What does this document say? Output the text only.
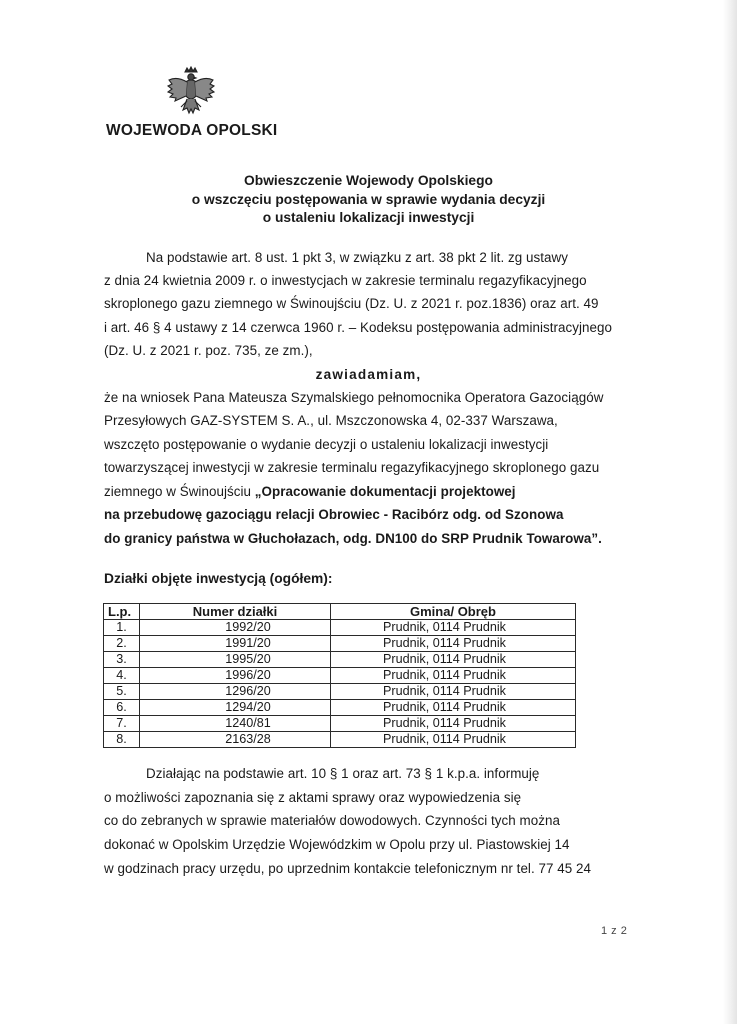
WOJEWODA OPOLSKI
Obwieszczenie Wojewody Opolskiego
o wszczęciu postępowania w sprawie wydania decyzji
o ustaleniu lokalizacji inwestycji
Na podstawie art. 8 ust. 1 pkt 3, w związku z art. 38 pkt 2 lit. zg ustawy
z dnia 24 kwietnia 2009 r. o inwestycjach w zakresie terminalu regazyfikacyjnego
skroplonego gazu ziemnego w Świnoujściu (Dz. U. z 2021 r. poz.1836) oraz art. 49
i art. 46 § 4 ustawy z 14 czerwca 1960 r. – Kodeksu postępowania administracyjnego
(Dz. U. z 2021 r. poz. 735, ze zm.),
zawiadamiam,
że na wniosek Pana Mateusza Szymalskiego pełnomocnika Operatora Gazociągów
Przesyłowych GAZ-SYSTEM S. A., ul. Mszczonowska 4, 02-337 Warszawa,
wszczęto postępowanie o wydanie decyzji o ustaleniu lokalizacji inwestycji
towarzyszącej inwestycji w zakresie terminalu regazyfikacyjnego skroplonego gazu
ziemnego w Świnoujściu „Opracowanie dokumentacji projektowej
na przebudowę gazociągu relacji Obrowiec - Racibórz odg. od Szonowa
do granicy państwa w Głuchołazach, odg. DN100 do SRP Prudnik Towarowa”.
Działki objęte inwestycją (ogółem):
L.p.	Numer działki	Gmina/ Obręb
1.	1992/20	Prudnik, 0114 Prudnik
2.	1991/20	Prudnik, 0114 Prudnik
3.	1995/20	Prudnik, 0114 Prudnik
4.	1996/20	Prudnik, 0114 Prudnik
5.	1296/20	Prudnik, 0114 Prudnik
6.	1294/20	Prudnik, 0114 Prudnik
7.	1240/81	Prudnik, 0114 Prudnik
8.	2163/28	Prudnik, 0114 Prudnik
Działając na podstawie art. 10 § 1 oraz art. 73 § 1 k.p.a. informuję
o możliwości zapoznania się z aktami sprawy oraz wypowiedzenia się
co do zebranych w sprawie materiałów dowodowych. Czynności tych można
dokonać w Opolskim Urzędzie Wojewódzkim w Opolu przy ul. Piastowskiej 14
w godzinach pracy urzędu, po uprzednim kontakcie telefonicznym nr tel. 77 45 24
1 z 2
